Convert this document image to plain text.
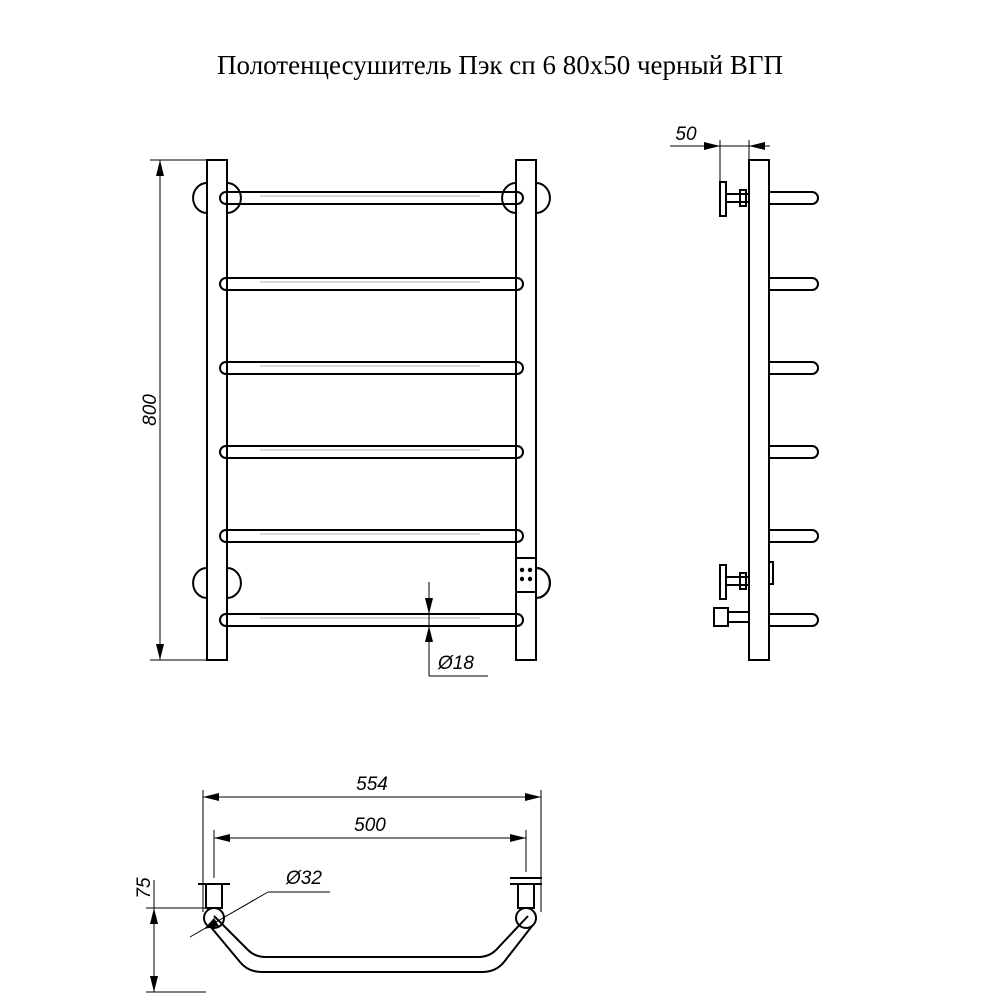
Полотенцесушитель Пэк сп 6 80х50 черный ВГП
800
Ø18
50
554
500
Ø32
75
